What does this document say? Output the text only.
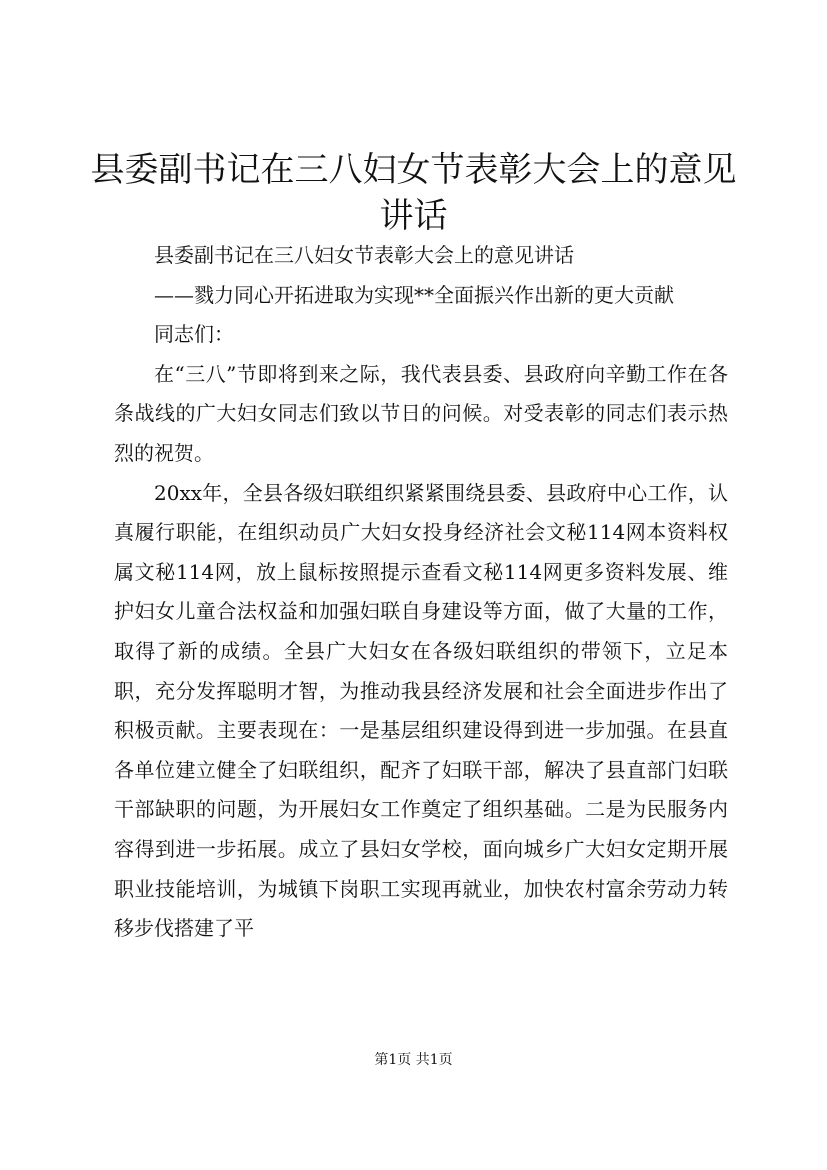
县委副书记在三八妇女节表彰大会上的意见讲话

县委副书记在三八妇女节表彰大会上的意见讲话

——戮力同心开拓进取为实现**全面振兴作出新的更大贡献

同志们：

在“三八”节即将到来之际，我代表县委、县政府向辛勤工作在各条战线的广大妇女同志们致以节日的问候。对受表彰的同志们表示热烈的祝贺。

20xx年，全县各级妇联组织紧紧围绕县委、县政府中心工作，认真履行职能，在组织动员广大妇女投身经济社会文秘114网本资料权属文秘114网，放上鼠标按照提示查看文秘114网更多资料发展、维护妇女儿童合法权益和加强妇联自身建设等方面，做了大量的工作，取得了新的成绩。全县广大妇女在各级妇联组织的带领下，立足本职，充分发挥聪明才智，为推动我县经济发展和社会全面进步作出了积极贡献。主要表现在：一是基层组织建设得到进一步加强。在县直各单位建立健全了妇联组织，配齐了妇联干部，解决了县直部门妇联干部缺职的问题，为开展妇女工作奠定了组织基础。二是为民服务内容得到进一步拓展。成立了县妇女学校，面向城乡广大妇女定期开展职业技能培训，为城镇下岗职工实现再就业，加快农村富余劳动力转移步伐搭建了平

第1页 共1页
